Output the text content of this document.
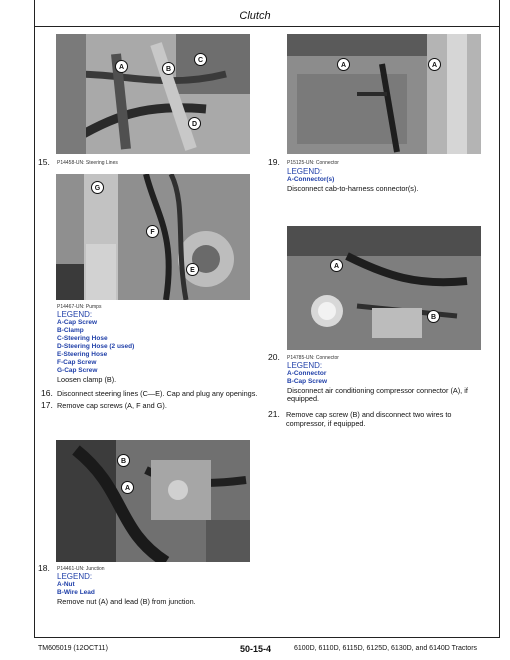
Clutch
A	B
C
D
A	A
15. P14458-UN: Steering Lines	19. P15125-UN: Connector
LEGEND:
A-Connector(s)
Disconnect cab-to-harness connector(s).
G
F
E
A
B
P14467-UN: Pumps
LEGEND:
A-Cap Screw
B-Clamp
C-Steering Hose
D-Steering Hose (2 used)
E-Steering Hose
F-Cap Screw
G-Cap Screw
Loosen clamp (B).
20. P14785-UN: Connector
LEGEND:
A-Connector
B-Cap Screw
Disconnect air conditioning compressor connector (A), if
equipped.
16. Disconnect steering lines (C—E). Cap and plug any openings.
17. Remove cap screws (A, F and G).
21. Remove cap screw (B) and disconnect two wires to
compressor, if equipped.
B
A
18. P14461-UN: Junction
LEGEND:
A-Nut
B-Wire Lead
Remove nut (A) and lead (B) from junction.
TM605019 (12OCT11)	50-15-4	6100D, 6110D, 6115D, 6125D, 6130D, and 6140D Tractors
